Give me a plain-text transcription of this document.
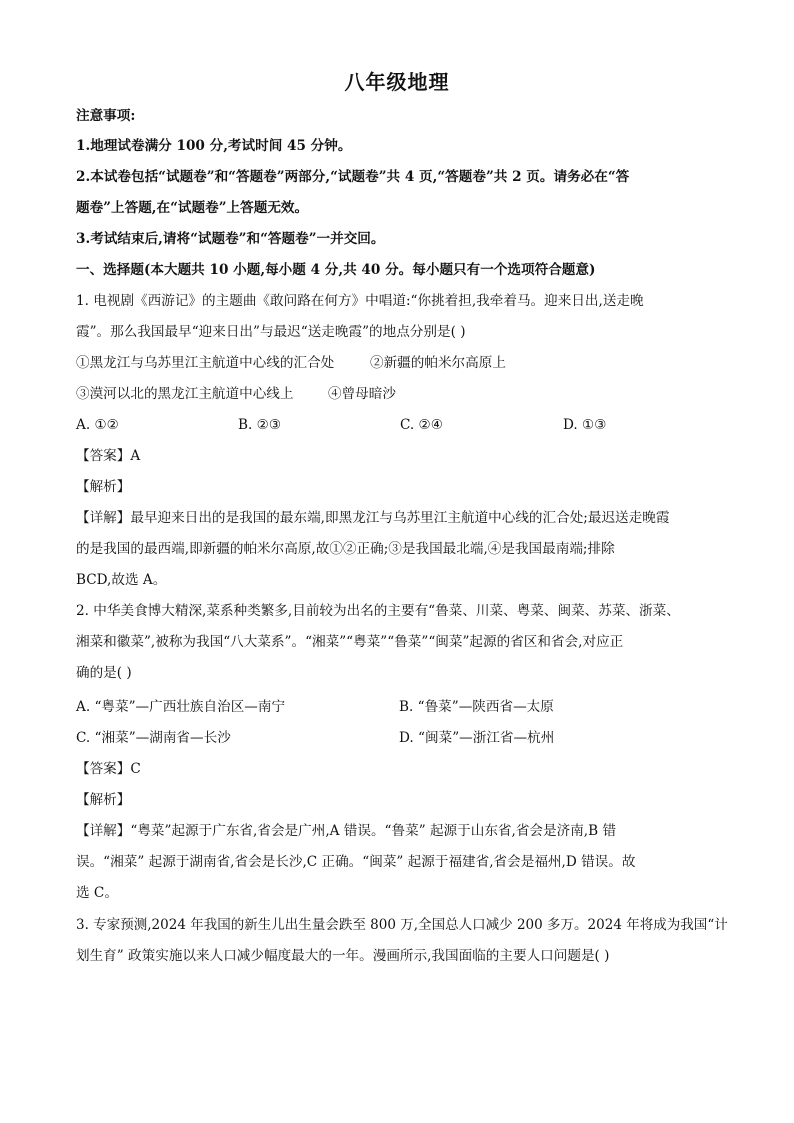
八年级地理
注意事项:
1.地理试卷满分 100 分,考试时间 45 分钟。
2.本试卷包括“试题卷”和“答题卷”两部分,“试题卷”共 4 页,“答题卷”共 2 页。请务必在“答
题卷”上答题,在“试题卷”上答题无效。
3.考试结束后,请将“试题卷”和“答题卷”一并交回。
一、选择题(本大题共 10 小题,每小题 4 分,共 40 分。每小题只有一个选项符合题意)
1. 电视剧《西游记》的主题曲《敢问路在何方》中唱道:“你挑着担,我牵着马。迎来日出,送走晚
霞”。那么我国最早“迎来日出”与最迟“送走晚霞”的地点分别是( )
①黑龙江与乌苏里江主航道中心线的汇合处	②新疆的帕米尔高原上
③漠河以北的黑龙江主航道中心线上	④曾母暗沙
A. ①②	B. ②③	C. ②④	D. ①③
【答案】A
【解析】
【详解】最早迎来日出的是我国的最东端,即黑龙江与乌苏里江主航道中心线的汇合处;最迟送走晚霞
的是我国的最西端,即新疆的帕米尔高原,故①②正确;③是我国最北端,④是我国最南端;排除
BCD,故选 A。
2. 中华美食博大精深,菜系种类繁多,目前较为出名的主要有“鲁菜、川菜、粤菜、闽菜、苏菜、浙菜、
湘菜和徽菜”,被称为我国“八大菜系”。“湘菜”“粤菜”“鲁菜”“闽菜”起源的省区和省会,对应正
确的是( )
A. “粤菜”—广西壮族自治区—南宁	B. “鲁菜”—陕西省—太原
C. “湘菜”—湖南省—长沙	D. “闽菜”—浙江省—杭州
【答案】C
【解析】
【详解】“粤菜”起源于广东省,省会是广州,A 错误。“鲁菜” 起源于山东省,省会是济南,B 错
误。“湘菜” 起源于湖南省,省会是长沙,C 正确。“闽菜” 起源于福建省,省会是福州,D 错误。故
选 C。
3. 专家预测,2024 年我国的新生儿出生量会跌至 800 万,全国总人口减少 200 多万。2024 年将成为我国“计
划生育” 政策实施以来人口减少幅度最大的一年。漫画所示,我国面临的主要人口问题是( )
